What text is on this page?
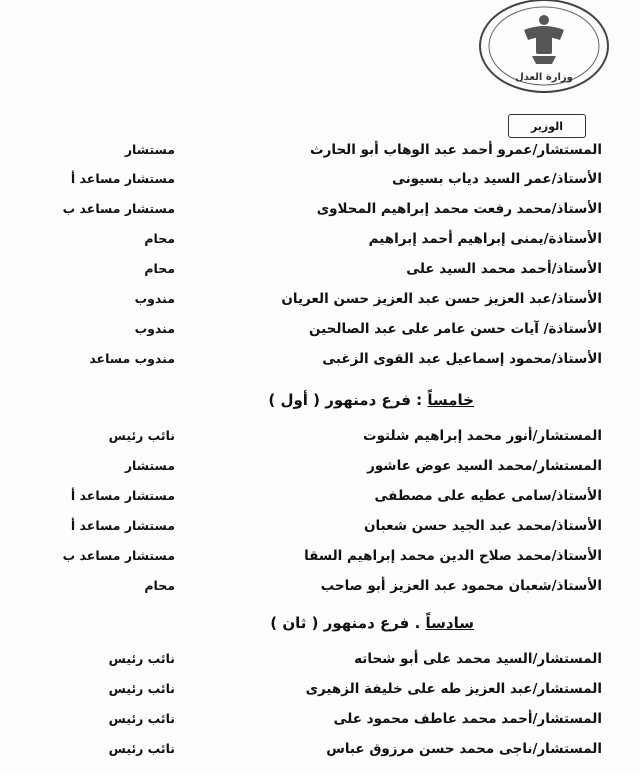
وزارة العدل
الوزير
المستشار/عمرو أحمد عبد الوهاب أبو الحارث
مستشار
الأستاذ/عمر السيد دياب بسيونى
مستشار مساعد أ
الأستاذ/محمد رفعت محمد إبراهيم المحلاوى
مستشار مساعد ب
الأستاذة/يمنى إبراهيم أحمد إبراهيم
محام
الأستاذ/أحمد محمد السيد على
محام
الأستاذ/عبد العزيز حسن عبد العزيز حسن العريان
مندوب
الأستاذة/ آيات حسن عامر على عبد الصالحين
مندوب
الأستاذ/محمود إسماعيل عبد القوى الزغبى
مندوب مساعد
خامساً : فرع دمنهور ( أول )
المستشار/أنور محمد إبراهيم شلتوت
نائب رئيس
المستشار/محمد السيد عوض عاشور
مستشار
الأستاذ/سامى عطيه على مصطفى
مستشار مساعد أ
الأستاذ/محمد عبد الجيد حسن شعبان
مستشار مساعد أ
الأستاذ/محمد صلاح الدين محمد إبراهيم السقا
مستشار مساعد ب
الأستاذ/شعبان محمود عبد العزيز أبو صاحب
محام
سادساً . فرع دمنهور ( ثان )
المستشار/السيد محمد على أبو شحاته
نائب رئيس
المستشار/عبد العزيز طه على خليفة الزهيرى
نائب رئيس
المستشار/أحمد محمد عاطف محمود على
نائب رئيس
المستشار/ناجى محمد حسن مرزوق عباس
نائب رئيس
